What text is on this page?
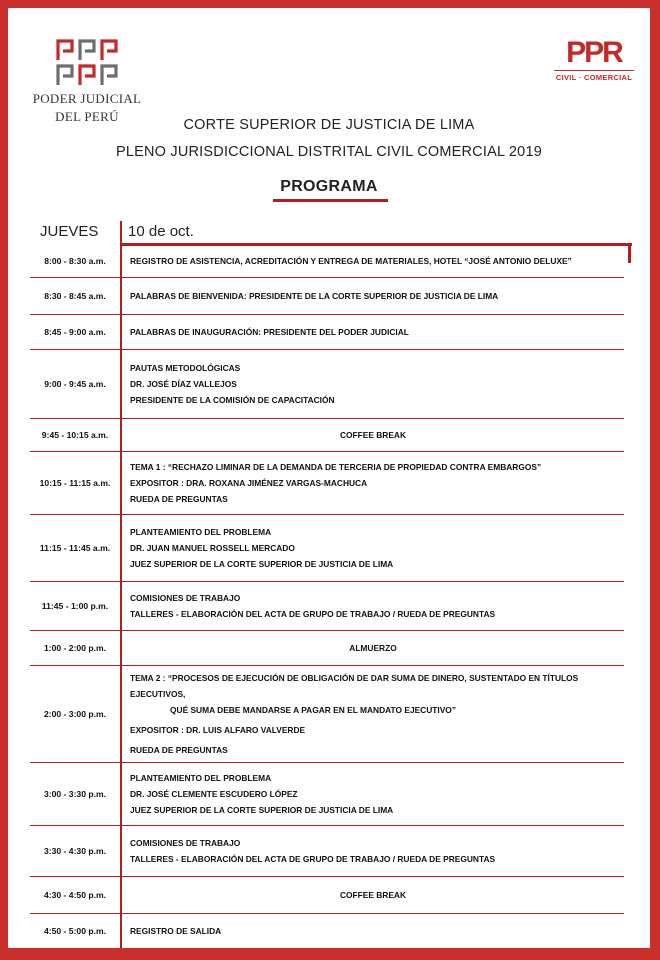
PODER JUDICIAL
DEL PERÚ
PPR
CIVIL · COMERCIAL
CORTE SUPERIOR DE JUSTICIA DE LIMA
PLENO JURISDICCIONAL DISTRITAL CIVIL COMERCIAL 2019
PROGRAMA
JUEVES 10 de oct.
8:00 - 8:30 a.m.	REGISTRO DE ASISTENCIA, ACREDITACIÓN Y ENTREGA DE MATERIALES, HOTEL “JOSÉ ANTONIO DELUXE”
8:30 - 8:45 a.m.	PALABRAS DE BIENVENIDA: PRESIDENTE DE LA CORTE SUPERIOR DE JUSTICIA DE LIMA
8:45 - 9:00 a.m.	PALABRAS DE INAUGURACIÓN: PRESIDENTE DEL PODER JUDICIAL
9:00 - 9:45 a.m.
PAUTAS METODOLÓGICAS
DR. JOSÉ DÍAZ VALLEJOS
PRESIDENTE DE LA COMISIÓN DE CAPACITACIÓN
9:45 - 10:15 a.m.	COFFEE BREAK
10:15 - 11:15 a.m.
TEMA 1 : “RECHAZO LIMINAR DE LA DEMANDA DE TERCERIA DE PROPIEDAD CONTRA EMBARGOS”
EXPOSITOR : DRA. ROXANA JIMÉNEZ VARGAS-MACHUCA
RUEDA DE PREGUNTAS
11:15 - 11:45 a.m.
PLANTEAMIENTO DEL PROBLEMA
DR. JUAN MANUEL ROSSELL MERCADO
JUEZ SUPERIOR DE LA CORTE SUPERIOR DE JUSTICIA DE LIMA
11:45 - 1:00 p.m.
COMISIONES DE TRABAJO
TALLERES - ELABORACIÓN DEL ACTA DE GRUPO DE TRABAJO / RUEDA DE PREGUNTAS
1:00 - 2:00 p.m.	ALMUERZO
2:00 - 3:00 p.m.
TEMA 2 : “PROCESOS DE EJECUCIÓN DE OBLIGACIÓN DE DAR SUMA DE DINERO, SUSTENTADO EN TÍTULOS EJECUTIVOS,
QUÉ SUMA DEBE MANDARSE A PAGAR EN EL MANDATO EJECUTIVO”
EXPOSITOR : DR. LUIS ALFARO VALVERDE
RUEDA DE PREGUNTAS
3:00 - 3:30 p.m.
PLANTEAMIENTO DEL PROBLEMA
DR. JOSÉ CLEMENTE ESCUDERO LÓPEZ
JUEZ SUPERIOR DE LA CORTE SUPERIOR DE JUSTICIA DE LIMA
3:30 - 4:30 p.m.
COMISIONES DE TRABAJO
TALLERES - ELABORACIÓN DEL ACTA DE GRUPO DE TRABAJO / RUEDA DE PREGUNTAS
4:30 - 4:50 p.m.	COFFEE BREAK
4:50 - 5:00 p.m.	REGISTRO DE SALIDA
